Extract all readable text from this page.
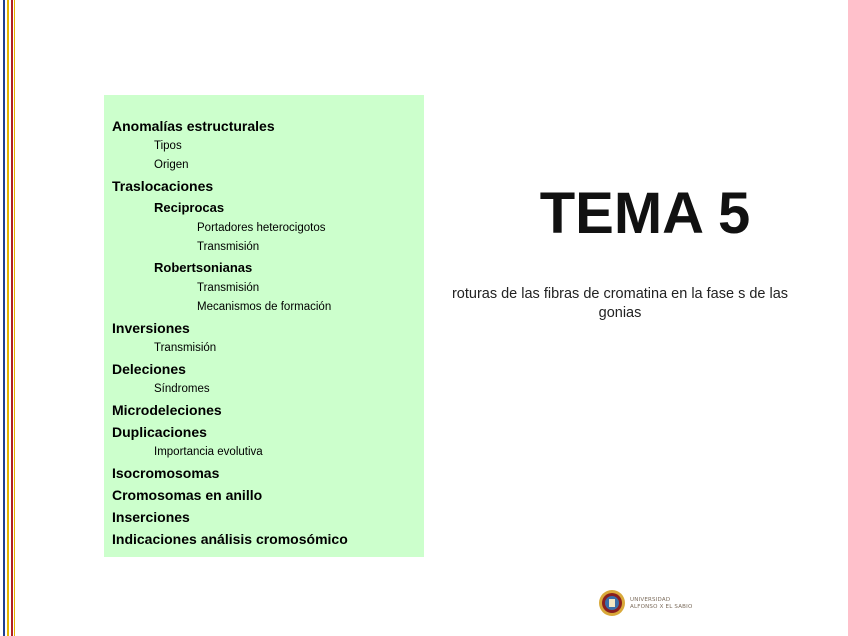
Anomalías estructurales
Tipos
Origen
Traslocaciones
Reciprocas
Portadores heterocigotos
Transmisión
Robertsonianas
Transmisión
Mecanismos de formación
Inversiones
Transmisión
Deleciones
Síndromes
Microdeleciones
Duplicaciones
Importancia evolutiva
Isocromosomas
Cromosomas en anillo
Inserciones
Indicaciones análisis cromosómico
TEMA 5
roturas de las fibras de cromatina en la fase s de las gonias
UNIVERSIDAD
ALFONSO X EL SABIO
